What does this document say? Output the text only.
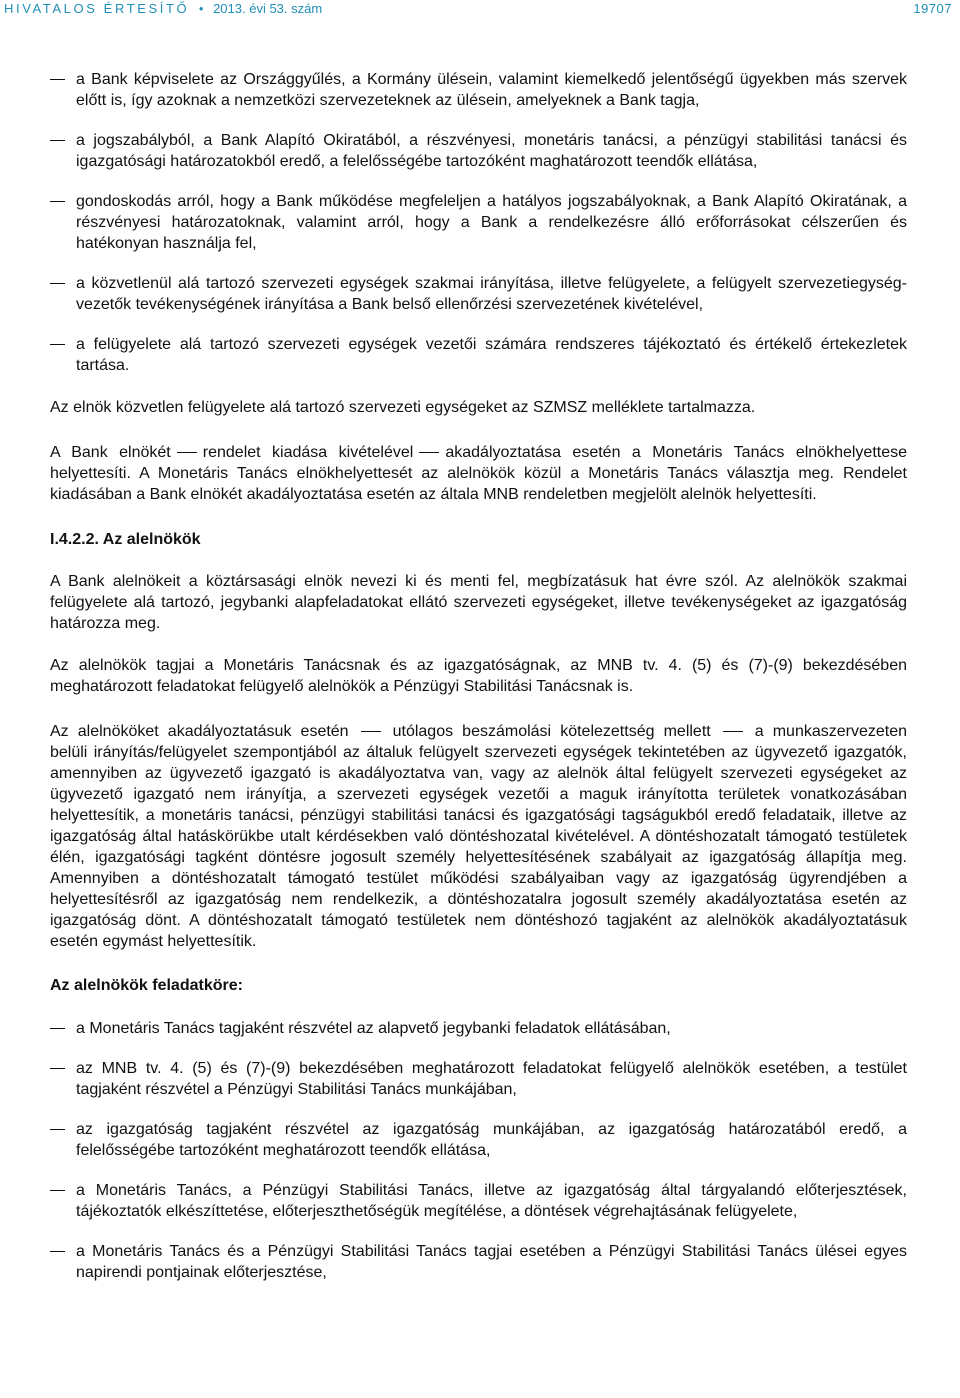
HIVATALOS ÉRTESÍTŐ • 2013. évi 53. szám	19707
a Bank képviselete az Országgyűlés, a Kormány ülésein, valamint kiemelkedő jelentőségű ügyekben más szervek előtt is, így azoknak a nemzetközi szervezeteknek az ülésein, amelyeknek a Bank tagja,
a jogszabályból, a Bank Alapító Okiratából, a részvényesi, monetáris tanácsi, a pénzügyi stabilitási tanácsi és igazgatósági határozatokból eredő, a felelősségébe tartozóként maghatározott teendők ellátása,
gondoskodás arról, hogy a Bank működése megfeleljen a hatályos jogszabályoknak, a Bank Alapító Okiratának, a részvényesi határozatoknak, valamint arról, hogy a Bank a rendelkezésre álló erőforrásokat célszerűen és hatékonyan használja fel,
a közvetlenül alá tartozó szervezeti egységek szakmai irányítása, illetve felügyelete, a felügyelt szervezetiegység-vezetők tevékenységének irányítása a Bank belső ellenőrzési szervezetének kivételével,
a felügyelete alá tartozó szervezeti egységek vezetői számára rendszeres tájékoztató és értékelő értekezletek tartása.
Az elnök közvetlen felügyelete alá tartozó szervezeti egységeket az SZMSZ melléklete tartalmazza.
A Bank elnökét rendelet kiadása kivételével akadályoztatása esetén a Monetáris Tanács elnökhelyettese helyettesíti. A Monetáris Tanács elnökhelyettesét az alelnökök közül a Monetáris Tanács választja meg. Rendelet kiadásában a Bank elnökét akadályoztatása esetén az általa MNB rendeletben megjelölt alelnök helyettesíti.
I.4.2.2. Az alelnökök
A Bank alelnökeit a köztársasági elnök nevezi ki és menti fel, megbízatásuk hat évre szól. Az alelnökök szakmai felügyelete alá tartozó, jegybanki alapfeladatokat ellátó szervezeti egységeket, illetve tevékenységeket az igazgatóság határozza meg.
Az alelnökök tagjai a Monetáris Tanácsnak és az igazgatóságnak, az MNB tv. 4. (5) és (7)-(9) bekezdésében meghatározott feladatokat felügyelő alelnökök a Pénzügyi Stabilitási Tanácsnak is.
Az alelnököket akadályoztatásuk esetén	utólagos beszámolási kötelezettség mellett	a munkaszervezeten belüli irányítás/felügyelet szempontjából az általuk felügyelt szervezeti egységek tekintetében az ügyvezető igazgatók, amennyiben az ügyvezető igazgató is akadályoztatva van, vagy az alelnök által felügyelt szervezeti egységeket az ügyvezető igazgató nem irányítja, a szervezeti egységek vezetői a maguk irányította területek vonatkozásában helyettesítik, a monetáris tanácsi, pénzügyi stabilitási tanácsi és igazgatósági tagságukból eredő feladataik, illetve az igazgatóság által hatáskörükbe utalt kérdésekben való döntéshozatal kivételével. A döntéshozatalt támogató testületek élén, igazgatósági tagként döntésre jogosult személy helyettesítésének szabályait az igazgatóság állapítja meg. Amennyiben a döntéshozatalt támogató testület működési szabályaiban vagy az igazgatóság ügyrendjében a helyettesítésről az igazgatóság nem rendelkezik, a döntéshozatalra jogosult személy akadályoztatása esetén az igazgatóság dönt. A döntéshozatalt támogató testületek nem döntéshozó tagjaként az alelnökök akadályoztatásuk esetén egymást helyettesítik.
Az alelnökök feladatköre:
a Monetáris Tanács tagjaként részvétel az alapvető jegybanki feladatok ellátásában,
az MNB tv. 4. (5) és (7)-(9) bekezdésében meghatározott feladatokat felügyelő alelnökök esetében, a testület tagjaként részvétel a Pénzügyi Stabilitási Tanács munkájában,
az igazgatóság tagjaként részvétel az igazgatóság munkájában, az igazgatóság határozatából eredő, a felelősségébe tartozóként meghatározott teendők ellátása,
a Monetáris Tanács, a Pénzügyi Stabilitási Tanács, illetve az igazgatóság által tárgyalandó előterjesztések, tájékoztatók elkészíttetése, előterjeszthetőségük megítélése, a döntések végrehajtásának felügyelete,
a Monetáris Tanács és a Pénzügyi Stabilitási Tanács tagjai esetében a Pénzügyi Stabilitási Tanács ülései egyes napirendi pontjainak előterjesztése,
